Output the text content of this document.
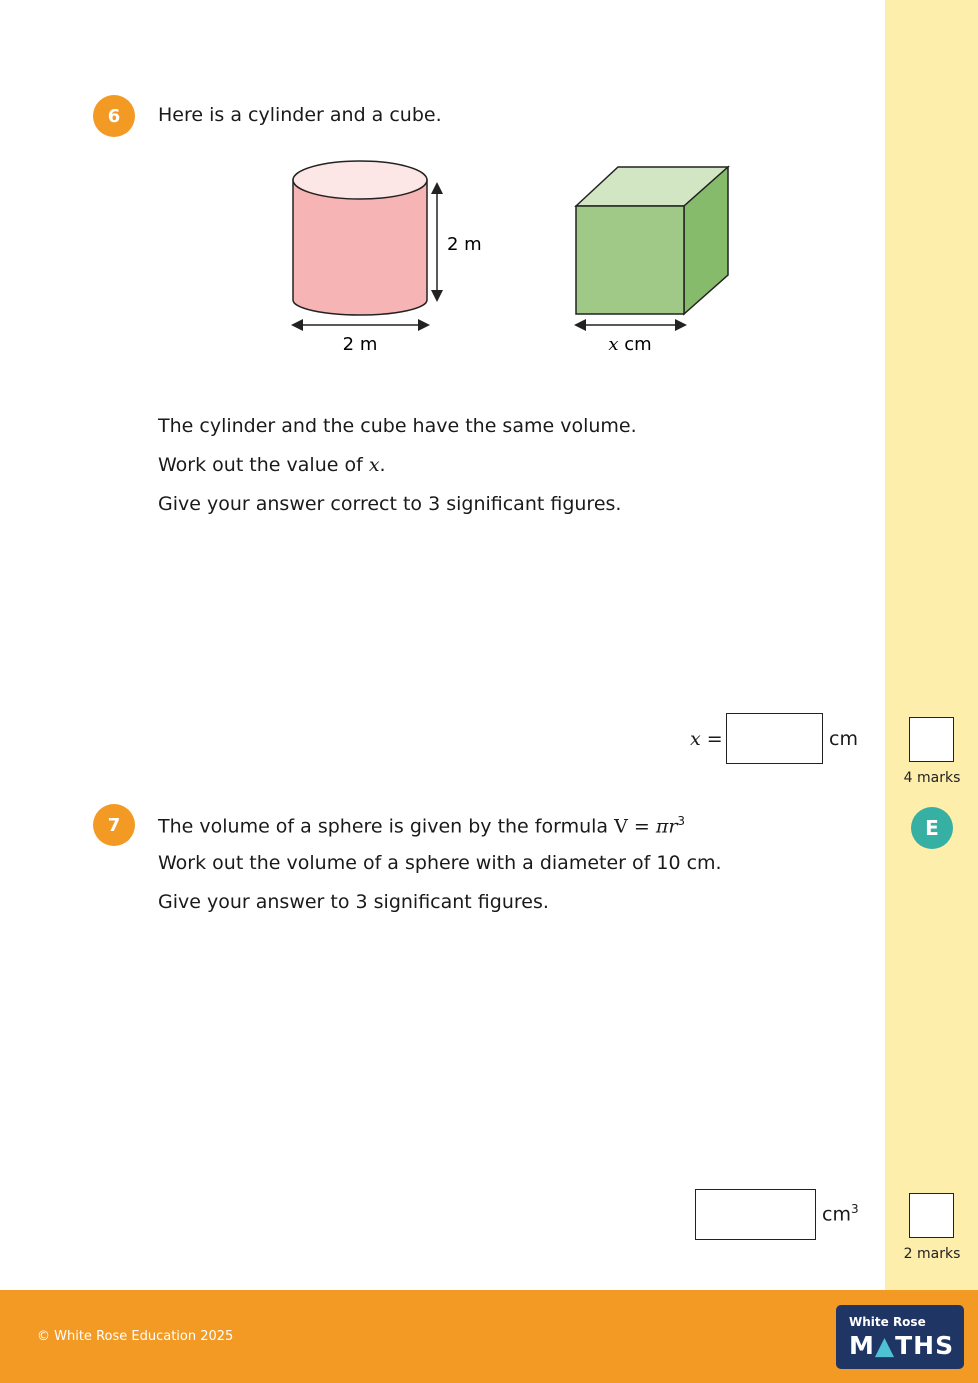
6	Here is a cylinder and a cube.
2 m
2 m	x cm
The cylinder and the cube have the same volume.
Work out the value of x.
Give your answer correct to 3 significant figures.
x =	cm
4 marks
7	E
The volume of a sphere is given by the formula $V = \pi r^3$
Work out the volume of a sphere with a diameter of 10 cm.
Give your answer to 3 significant figures.
$cm^3$
2 marks
© White Rose Education 2025
White Rose
M▲THS
